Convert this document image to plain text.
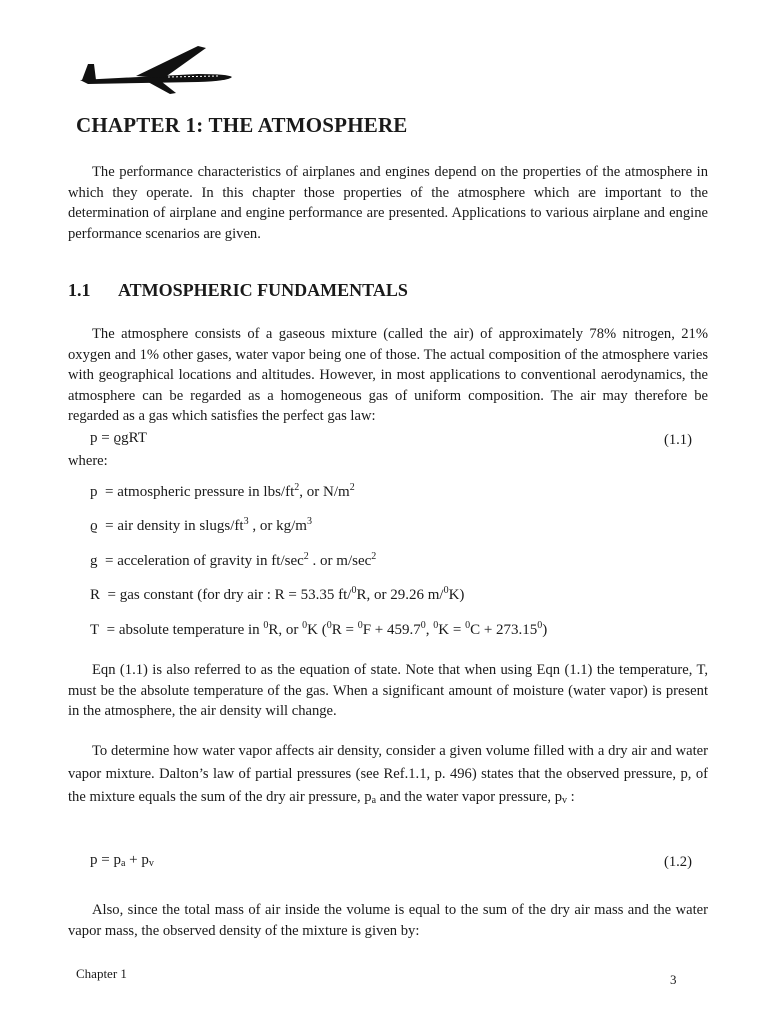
CHAPTER 1: THE ATMOSPHERE

The performance characteristics of airplanes and engines depend on the properties of the atmosphere in which they operate. In this chapter those properties of the atmosphere which are important to the determination of airplane and engine performance are presented. Applications to various airplane and engine performance scenarios are given.

1.1 ATMOSPHERIC FUNDAMENTALS

The atmosphere consists of a gaseous mixture (called the air) of approximately 78% nitrogen, 21% oxygen and 1% other gases, water vapor being one of those. The actual composition of the atmosphere varies with geographical locations and altitudes. However, in most applications to conventional aerodynamics, the atmosphere can be regarded as a homogeneous gas of uniform composition. The air may therefore be regarded as a gas which satisfies the perfect gas law:

p = ϱgRT	(1.1)
where:
p = atmospheric pressure in lbs/$ft^2$, or $N/m^2$
ϱ = air density in slugs/$ft^3$ , or $kg/m^3$
g = acceleration of gravity in $ft/\sec^2$ . or $m/\sec^2$
R = gas constant (for dry air : R = 53.35 ft/$^0$R, or 29.26 m/$^0$K)
T = absolute temperature in $^0$R, or $^0$K ($^0R = ^0F + 459.7^0$, $^0K = ^0C + 273.15^0$)

Eqn (1.1) is also referred to as the equation of state. Note that when using Eqn (1.1) the temperature, T, must be the absolute temperature of the gas. When a significant amount of moisture (water vapor) is present in the atmosphere, the air density will change.

To determine how water vapor affects air density, consider a given volume filled with a dry air and water vapor mixture. Dalton’s law of partial pressures (see Ref.1.1, p. 496) states that the observed pressure, p, of the mixture equals the sum of the dry air pressure, $p_a$ and the water vapor pressure, $p_v$ :

$p = p_a + p_v$	(1.2)

Also, since the total mass of air inside the volume is equal to the sum of the dry air mass and the water vapor mass, the observed density of the mixture is given by:

Chapter 1	3
